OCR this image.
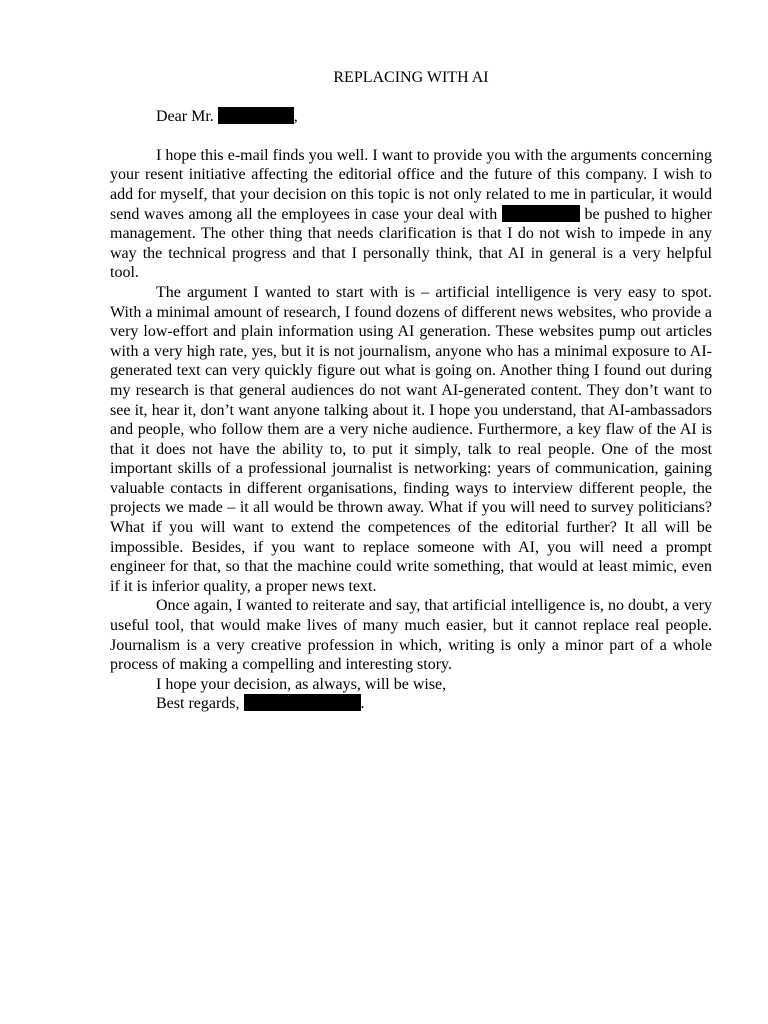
REPLACING WITH AI
Dear Mr.	,

I hope this e-mail finds you well. I want to provide you with the arguments concerning your resent initiative affecting the editorial office and the future of this company. I wish to add for myself, that your decision on this topic is not only related to me in particular, it would send waves among all the employees in case your deal with	be pushed to higher management. The other thing that needs clarification is that I do not wish to impede in any way the technical progress and that I personally think, that AI in general is a very helpful tool.

The argument I wanted to start with is – artificial intelligence is very easy to spot. With a minimal amount of research, I found dozens of different news websites, who provide a very low-effort and plain information using AI generation. These websites pump out articles with a very high rate, yes, but it is not journalism, anyone who has a minimal exposure to AI-generated text can very quickly figure out what is going on. Another thing I found out during my research is that general audiences do not want AI-generated content. They don’t want to see it, hear it, don’t want anyone talking about it. I hope you understand, that AI-ambassadors and people, who follow them are a very niche audience. Furthermore, a key flaw of the AI is that it does not have the ability to, to put it simply, talk to real people. One of the most important skills of a professional journalist is networking: years of communication, gaining valuable contacts in different organisations, finding ways to interview different people, the projects we made – it all would be thrown away. What if you will need to survey politicians? What if you will want to extend the competences of the editorial further? It all will be impossible. Besides, if you want to replace someone with AI, you will need a prompt engineer for that, so that the machine could write something, that would at least mimic, even if it is inferior quality, a proper news text.

Once again, I wanted to reiterate and say, that artificial intelligence is, no doubt, a very useful tool, that would make lives of many much easier, but it cannot replace real people. Journalism is a very creative profession in which, writing is only a minor part of a whole process of making a compelling and interesting story.

I hope your decision, as always, will be wise,
Best regards,	.
